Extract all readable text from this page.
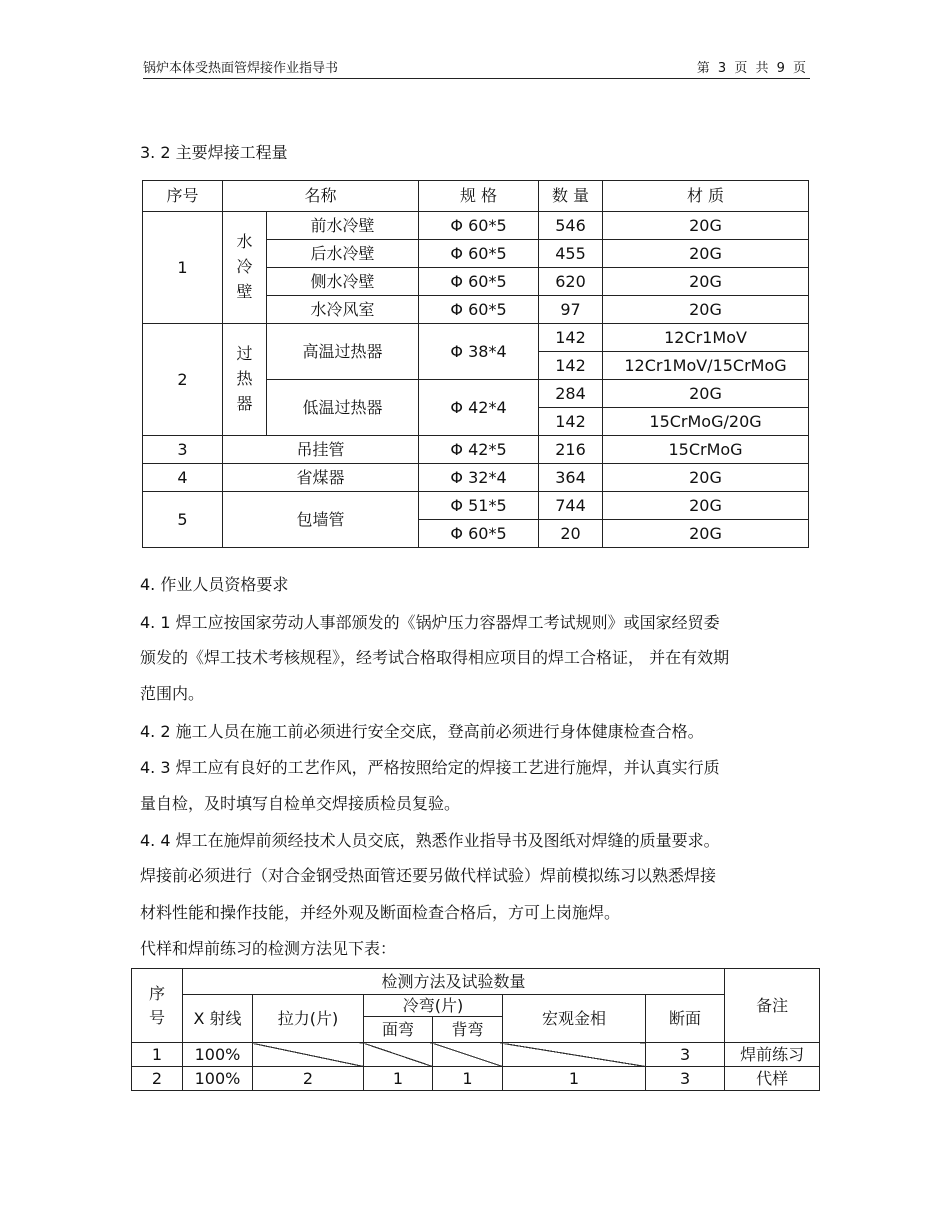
锅炉本体受热面管焊接作业指导书	第 3 页 共 9 页
3. 2 主要焊接工程量
序号	名称		规 格	数 量	材 质
1	水冷壁	前水冷壁	Φ 60*5	546	20G
		后水冷壁	Φ 60*5	455	20G
		侧水冷壁	Φ 60*5	620	20G
		水冷风室	Φ 60*5	97	20G
2	过热器	高温过热器	Φ 38*4	142	12Cr1MoV
				142	12Cr1MoV/15CrMoG
		低温过热器	Φ 42*4	284	20G
				142	15CrMoG/20G
3	吊挂管		Φ 42*5	216	15CrMoG
4	省煤器		Φ 32*4	364	20G
5	包墙管		Φ 51*5	744	20G
			Φ 60*5	20	20G
4. 作业人员资格要求
4. 1 焊工应按国家劳动人事部颁发的《锅炉压力容器焊工考试规则》或国家经贸委
颁发的《焊工技术考核规程》，经考试合格取得相应项目的焊工合格证， 并在有效期
范围内。
4. 2 施工人员在施工前必须进行安全交底，登高前必须进行身体健康检查合格。
4. 3 焊工应有良好的工艺作风，严格按照给定的焊接工艺进行施焊，并认真实行质
量自检，及时填写自检单交焊接质检员复验。
4. 4 焊工在施焊前须经技术人员交底，熟悉作业指导书及图纸对焊缝的质量要求。
焊接前必须进行（对合金钢受热面管还要另做代样试验）焊前模拟练习以熟悉焊接
材料性能和操作技能，并经外观及断面检查合格后，方可上岗施焊。
代样和焊前练习的检测方法见下表：
序号	检测方法及试验数量						备注
	X 射线	拉力(片)	冷弯(片)		宏观金相	断面	
			面弯	背弯			
1	100%					3	焊前练习
2	100%	2	1	1	1	3	代样
